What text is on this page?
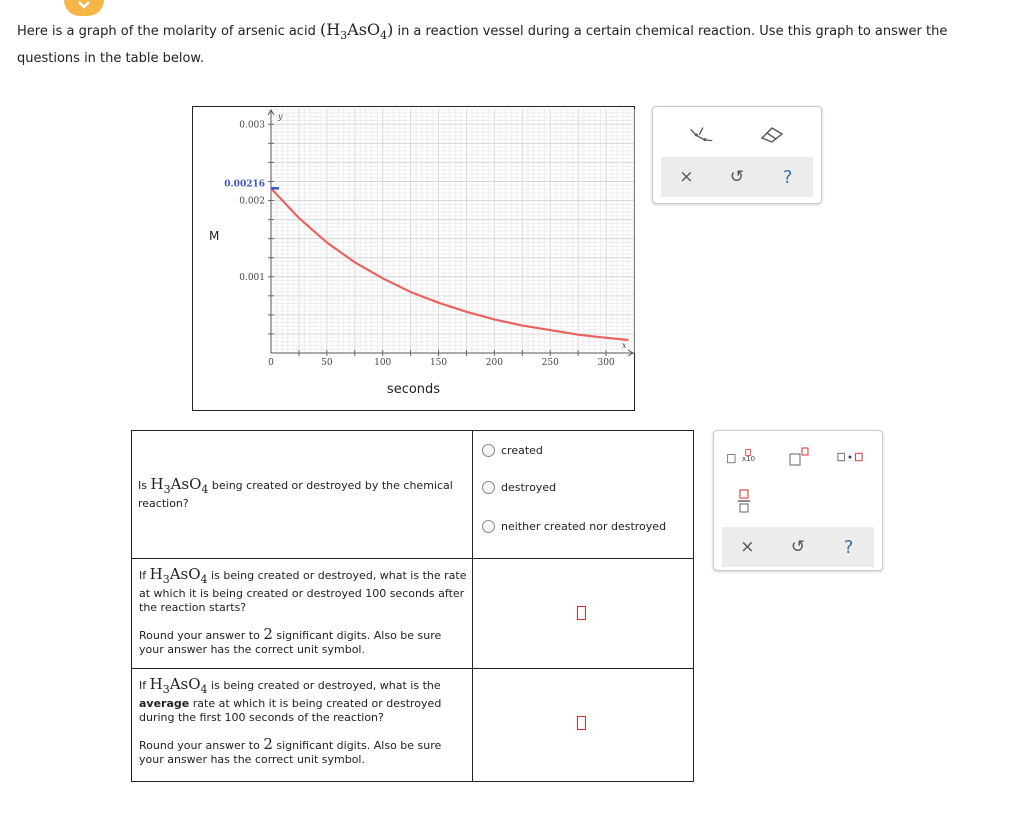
Here is a graph of the molarity of arsenic acid $(H_3AsO_4)$ in a reaction vessel during a certain chemical reaction. Use this graph to answer the questions in the table below.
y
x
0	50	100	150	200	250	300
0.003
0.002
0.001
0.00216
M
seconds
× ↺ ?
Is $H_3AsO_4$ being created or destroyed by the chemical reaction?
created
destroyed
neither created nor destroyed
If $H_3AsO_4$ is being created or destroyed, what is the rate at which it is being created or destroyed 100 seconds after the reaction starts?
Round your answer to 2 significant digits. Also be sure your answer has the correct unit symbol.
If $H_3AsO_4$ is being created or destroyed, what is the average rate at which it is being created or destroyed during the first 100 seconds of the reaction?
Round your answer to 2 significant digits. Also be sure your answer has the correct unit symbol.
x10
× ↺ ?
